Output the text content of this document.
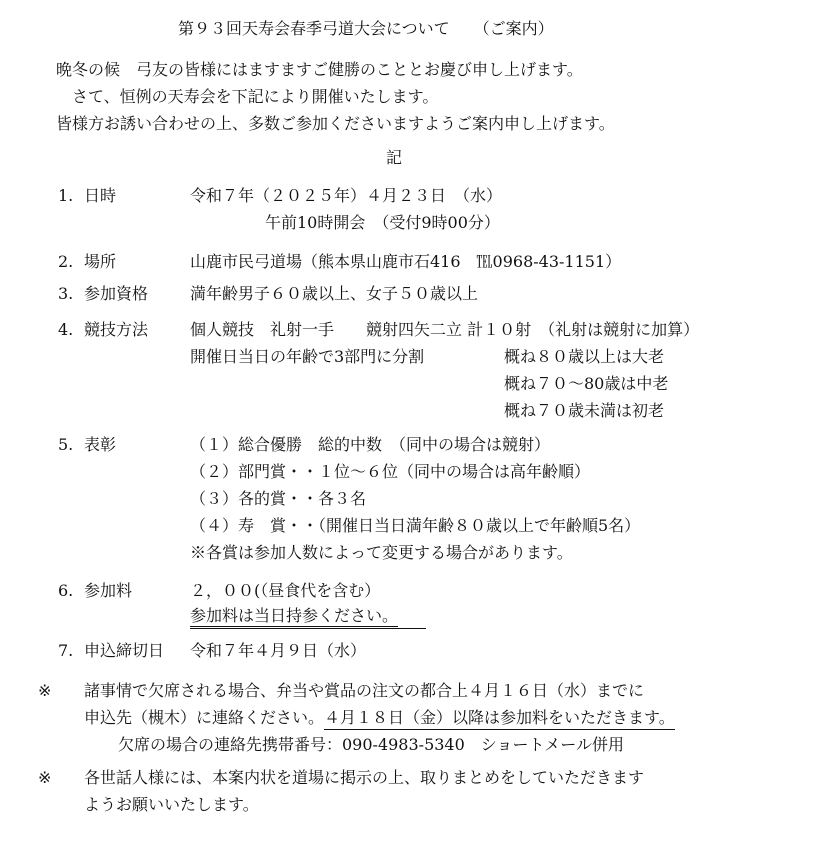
第９３回天寿会春季弓道大会について　　（ご案内）
晩冬の候　弓友の皆様にはますますご健勝のこととお慶び申し上げます。
さて、恒例の天寿会を下記により開催いたします。
皆様方お誘い合わせの上、多数ご参加くださいますようご案内申し上げます。
記
1. 日時	令和７年（２０２５年）４月２３日　（水）
午前10時開会　（受付9時00分）
2. 場所	山鹿市民弓道場（熊本県山鹿市石416　℡0968-43-1151）
3. 参加資格	満年齢男子６０歳以上、女子５０歳以上
4. 競技方法	個人競技　礼射一手　　競射四矢二立 計１０射　（礼射は競射に加算）
開催日当日の年齢で3部門に分割	概ね８０歳以上は大老
概ね７０～80歳は中老
概ね７０歳未満は初老
5. 表彰	（１）総合優勝　総的中数　（同中の場合は競射）
（２）部門賞・・１位～６位（同中の場合は高年齢順）
（３）各的賞・・各３名
（４）寿　賞・・（開催日当日満年齢８０歳以上で年齢順5名）
※各賞は参加人数によって変更する場合があります。
6. 参加料	２，００(（昼食代を含む）
参加料は当日持参ください。
7. 申込締切日 令和７年４月９日（水）
※ 諸事情で欠席される場合、弁当や賞品の注文の都合上４月１６日（水）までに
申込先（槻木）に連絡ください。４月１８日（金）以降は参加料をいただきます。
欠席の場合の連絡先携帯番号：090-4983-5340　ショートメール併用
※ 各世話人様には、本案内状を道場に掲示の上、取りまとめをしていただきます
ようお願いいたします。
